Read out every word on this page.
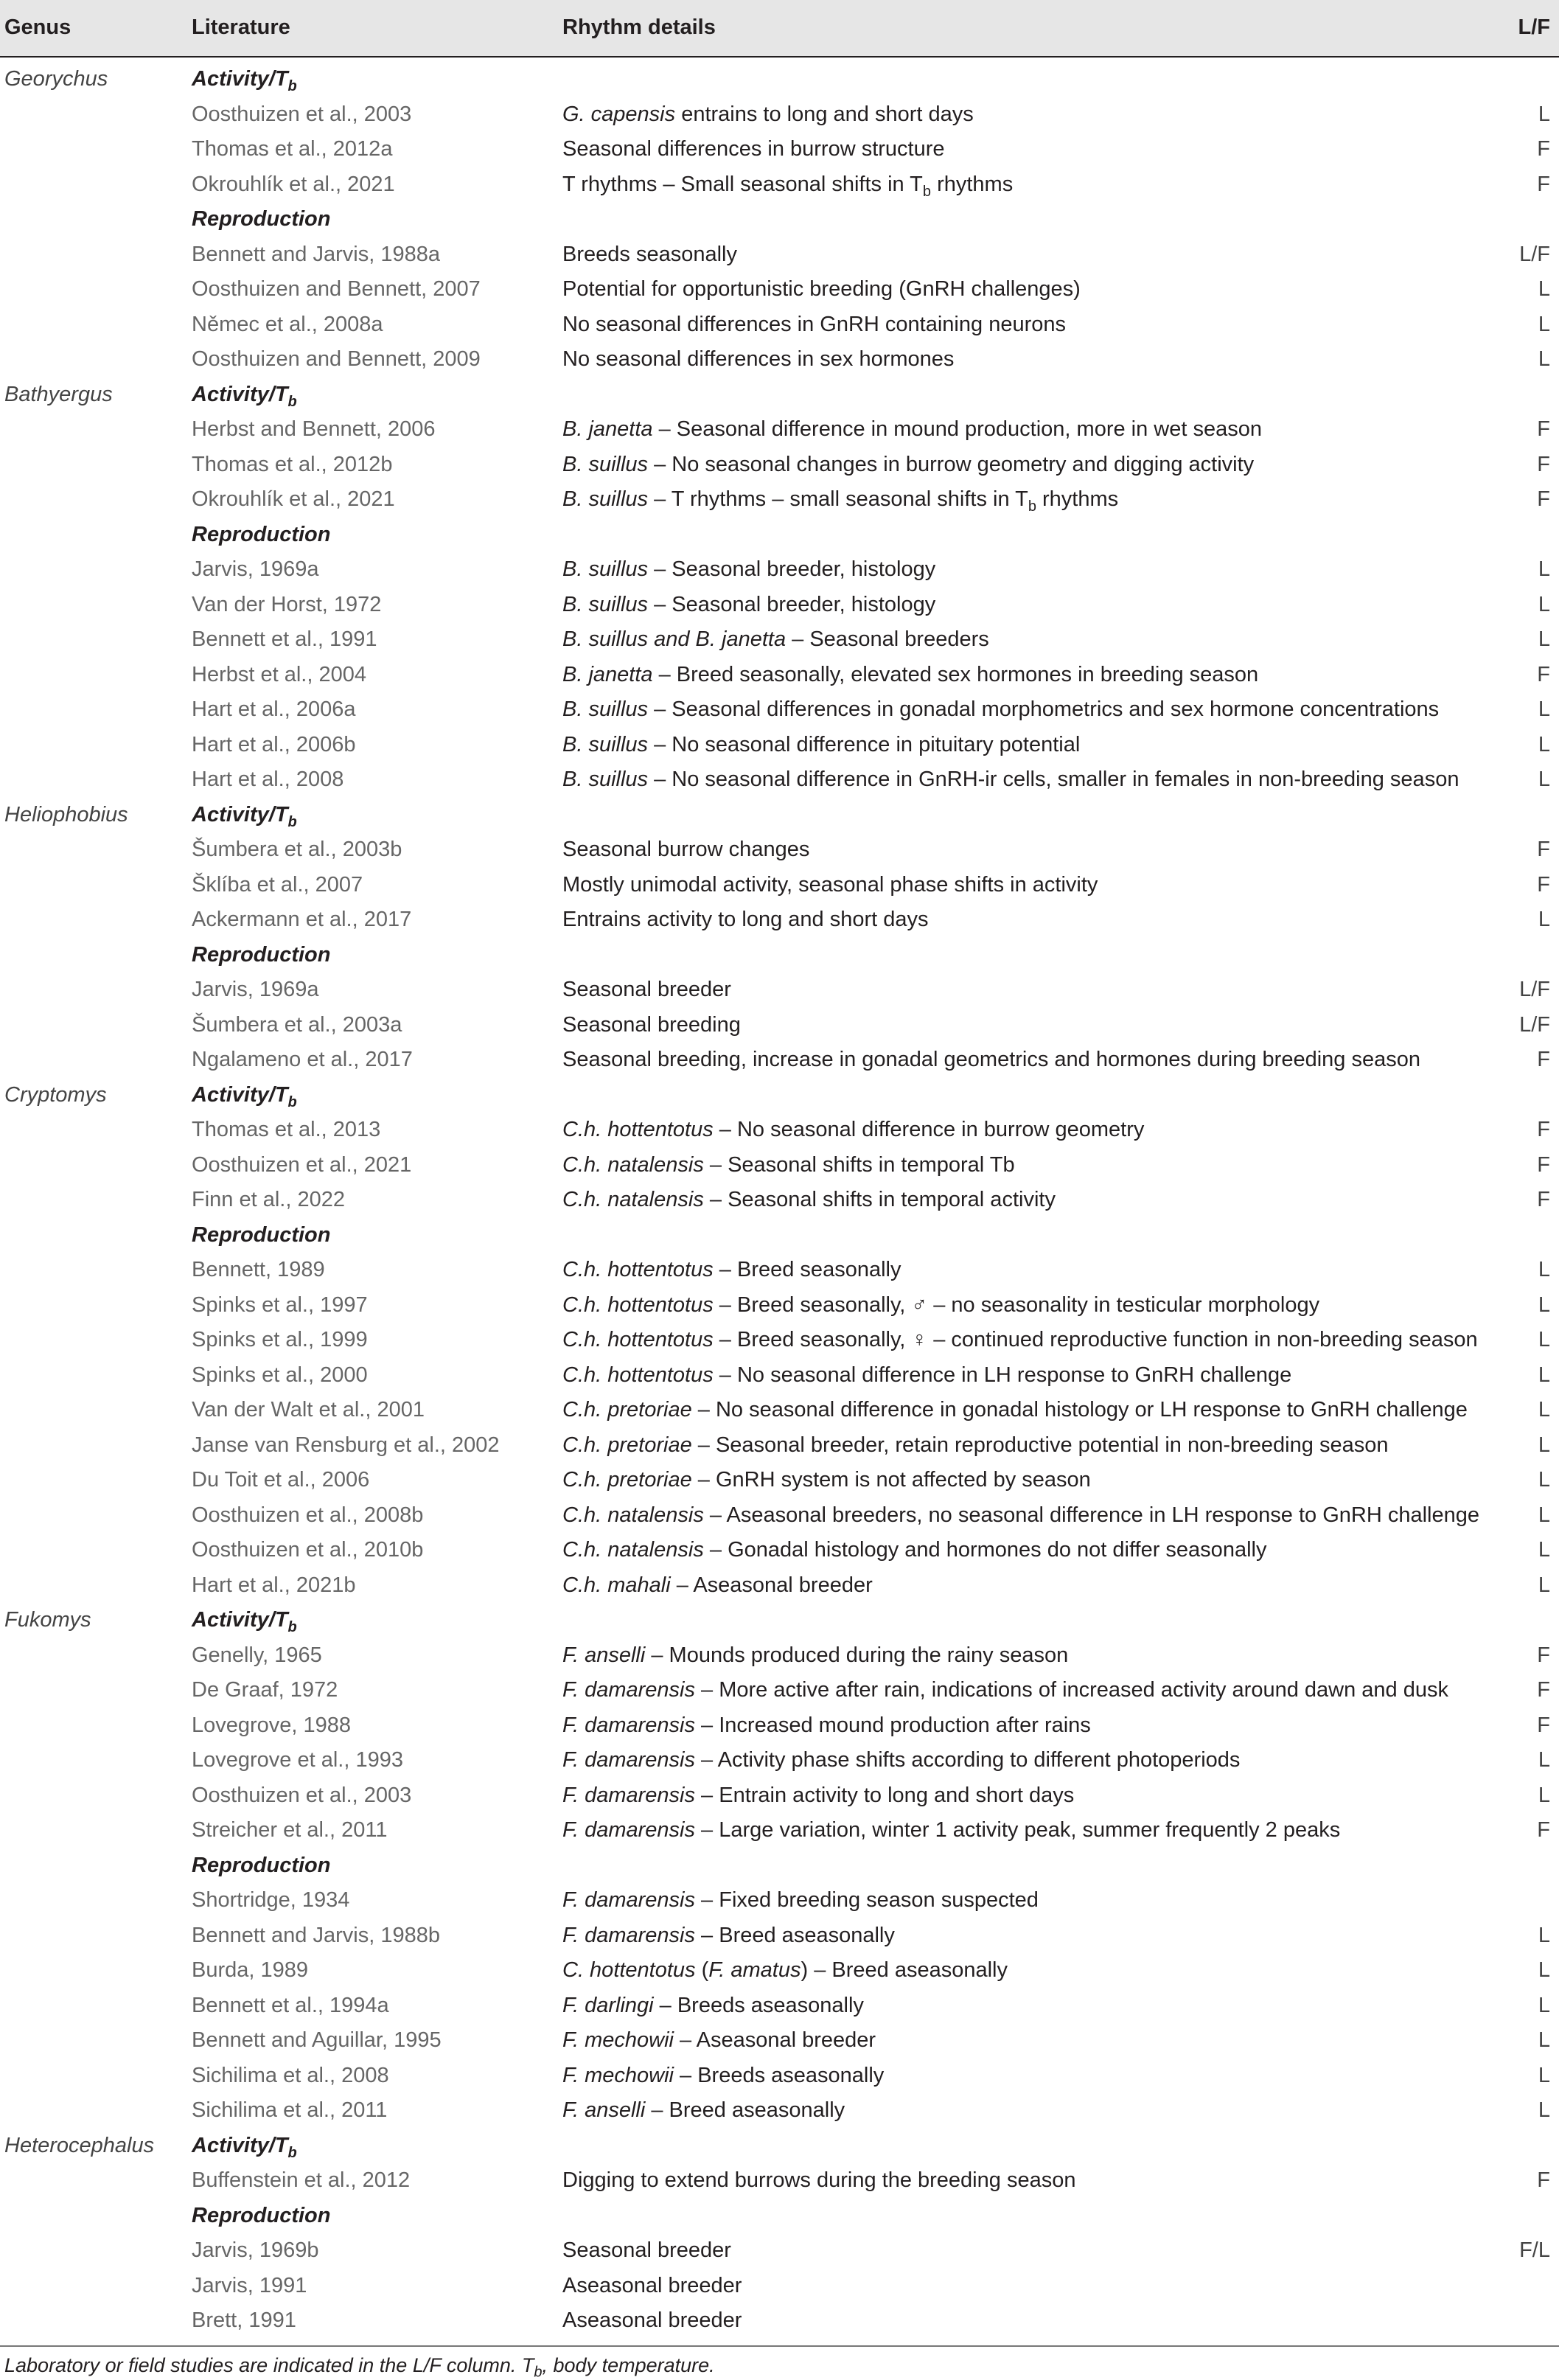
Genus	Literature	Rhythm details	L/F
Georychus	Activity/$T_b$
Oosthuizen et al., 2003	G. capensis entrains to long and short days	L
Thomas et al., 2012a	Seasonal differences in burrow structure	F
Okrouhlík et al., 2021	T rhythms – Small seasonal shifts in $T_b$ rhythms	F
Reproduction
Bennett and Jarvis, 1988a	Breeds seasonally	L/F
Oosthuizen and Bennett, 2007	Potential for opportunistic breeding (GnRH challenges)	L
Němec et al., 2008a	No seasonal differences in GnRH containing neurons	L
Oosthuizen and Bennett, 2009	No seasonal differences in sex hormones	L
Bathyergus	Activity/$T_b$
Herbst and Bennett, 2006	B. janetta – Seasonal difference in mound production, more in wet season	F
Thomas et al., 2012b	B. suillus – No seasonal changes in burrow geometry and digging activity	F
Okrouhlík et al., 2021	B. suillus – T rhythms – small seasonal shifts in $T_b$ rhythms	F
Reproduction
Jarvis, 1969a	B. suillus – Seasonal breeder, histology	L
Van der Horst, 1972	B. suillus – Seasonal breeder, histology	L
Bennett et al., 1991	B. suillus and B. janetta – Seasonal breeders	L
Herbst et al., 2004	B. janetta – Breed seasonally, elevated sex hormones in breeding season	F
Hart et al., 2006a	B. suillus – Seasonal differences in gonadal morphometrics and sex hormone concentrations	L
Hart et al., 2006b	B. suillus – No seasonal difference in pituitary potential	L
Hart et al., 2008	B. suillus – No seasonal difference in GnRH-ir cells, smaller in females in non-breeding season	L
Heliophobius	Activity/$T_b$
Šumbera et al., 2003b	Seasonal burrow changes	F
Šklíba et al., 2007	Mostly unimodal activity, seasonal phase shifts in activity	F
Ackermann et al., 2017	Entrains activity to long and short days	L
Reproduction
Jarvis, 1969a	Seasonal breeder	L/F
Šumbera et al., 2003a	Seasonal breeding	L/F
Ngalameno et al., 2017	Seasonal breeding, increase in gonadal geometrics and hormones during breeding season	F
Cryptomys	Activity/$T_b$
Thomas et al., 2013	C.h. hottentotus – No seasonal difference in burrow geometry	F
Oosthuizen et al., 2021	C.h. natalensis – Seasonal shifts in temporal Tb	F
Finn et al., 2022	C.h. natalensis – Seasonal shifts in temporal activity	F
Reproduction
Bennett, 1989	C.h. hottentotus – Breed seasonally	L
Spinks et al., 1997	C.h. hottentotus – Breed seasonally, ♂ – no seasonality in testicular morphology	L
Spinks et al., 1999	C.h. hottentotus – Breed seasonally, ♀ – continued reproductive function in non-breeding season	L
Spinks et al., 2000	C.h. hottentotus – No seasonal difference in LH response to GnRH challenge	L
Van der Walt et al., 2001	C.h. pretoriae – No seasonal difference in gonadal histology or LH response to GnRH challenge	L
Janse van Rensburg et al., 2002	C.h. pretoriae – Seasonal breeder, retain reproductive potential in non-breeding season	L
Du Toit et al., 2006	C.h. pretoriae – GnRH system is not affected by season	L
Oosthuizen et al., 2008b	C.h. natalensis – Aseasonal breeders, no seasonal difference in LH response to GnRH challenge	L
Oosthuizen et al., 2010b	C.h. natalensis – Gonadal histology and hormones do not differ seasonally	L
Hart et al., 2021b	C.h. mahali – Aseasonal breeder	L
Fukomys	Activity/$T_b$
Genelly, 1965	F. anselli – Mounds produced during the rainy season	F
De Graaf, 1972	F. damarensis – More active after rain, indications of increased activity around dawn and dusk	F
Lovegrove, 1988	F. damarensis – Increased mound production after rains	F
Lovegrove et al., 1993	F. damarensis – Activity phase shifts according to different photoperiods	L
Oosthuizen et al., 2003	F. damarensis – Entrain activity to long and short days	L
Streicher et al., 2011	F. damarensis – Large variation, winter 1 activity peak, summer frequently 2 peaks	F
Reproduction
Shortridge, 1934	F. damarensis – Fixed breeding season suspected
Bennett and Jarvis, 1988b	F. damarensis – Breed aseasonally	L
Burda, 1989	C. hottentotus (F. amatus) – Breed aseasonally	L
Bennett et al., 1994a	F. darlingi – Breeds aseasonally	L
Bennett and Aguillar, 1995	F. mechowii – Aseasonal breeder	L
Sichilima et al., 2008	F. mechowii – Breeds aseasonally	L
Sichilima et al., 2011	F. anselli – Breed aseasonally	L
Heterocephalus Activity/$T_b$
Buffenstein et al., 2012	Digging to extend burrows during the breeding season	F
Reproduction
Jarvis, 1969b	Seasonal breeder	F/L
Jarvis, 1991	Aseasonal breeder
Brett, 1991	Aseasonal breeder
Laboratory or field studies are indicated in the L/F column. $T_b$, body temperature.
